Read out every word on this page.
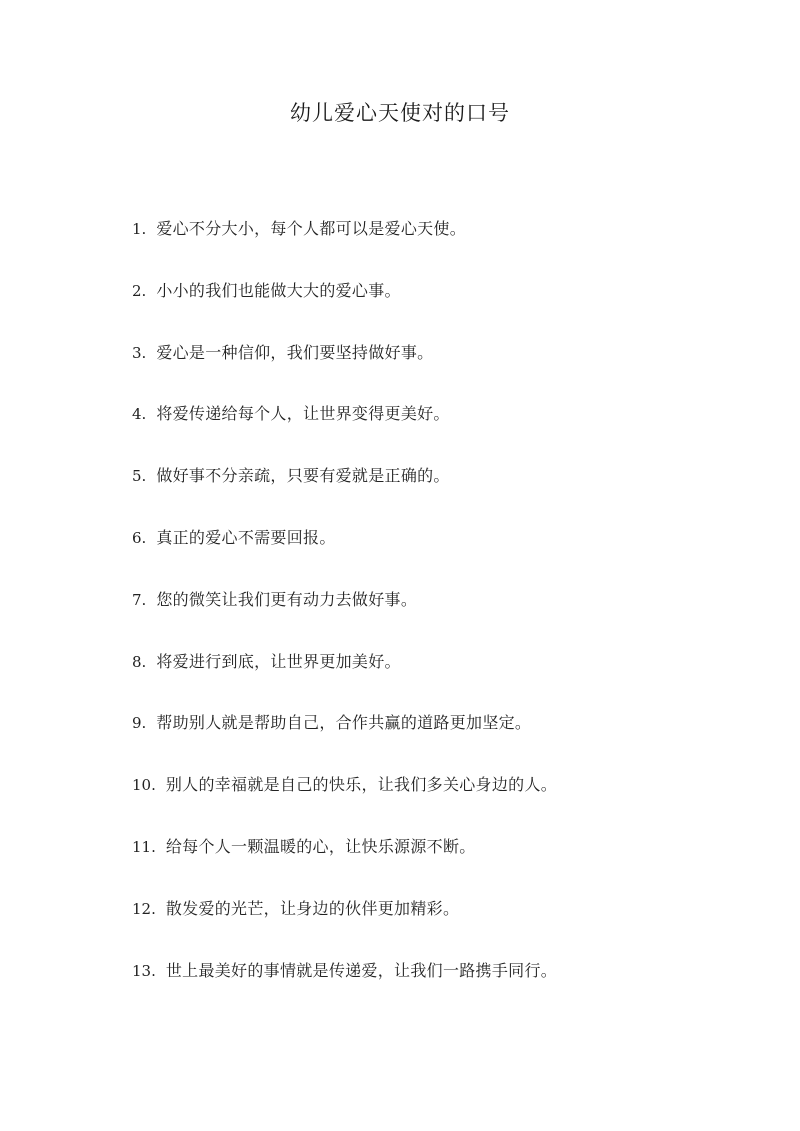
幼儿爱心天使对的口号
1. 爱心不分大小，每个人都可以是爱心天使。
2. 小小的我们也能做大大的爱心事。
3. 爱心是一种信仰，我们要坚持做好事。
4. 将爱传递给每个人，让世界变得更美好。
5. 做好事不分亲疏，只要有爱就是正确的。
6. 真正的爱心不需要回报。
7. 您的微笑让我们更有动力去做好事。
8. 将爱进行到底，让世界更加美好。
9. 帮助别人就是帮助自己，合作共赢的道路更加坚定。
10. 别人的幸福就是自己的快乐，让我们多关心身边的人。
11. 给每个人一颗温暖的心，让快乐源源不断。
12. 散发爱的光芒，让身边的伙伴更加精彩。
13. 世上最美好的事情就是传递爱，让我们一路携手同行。
